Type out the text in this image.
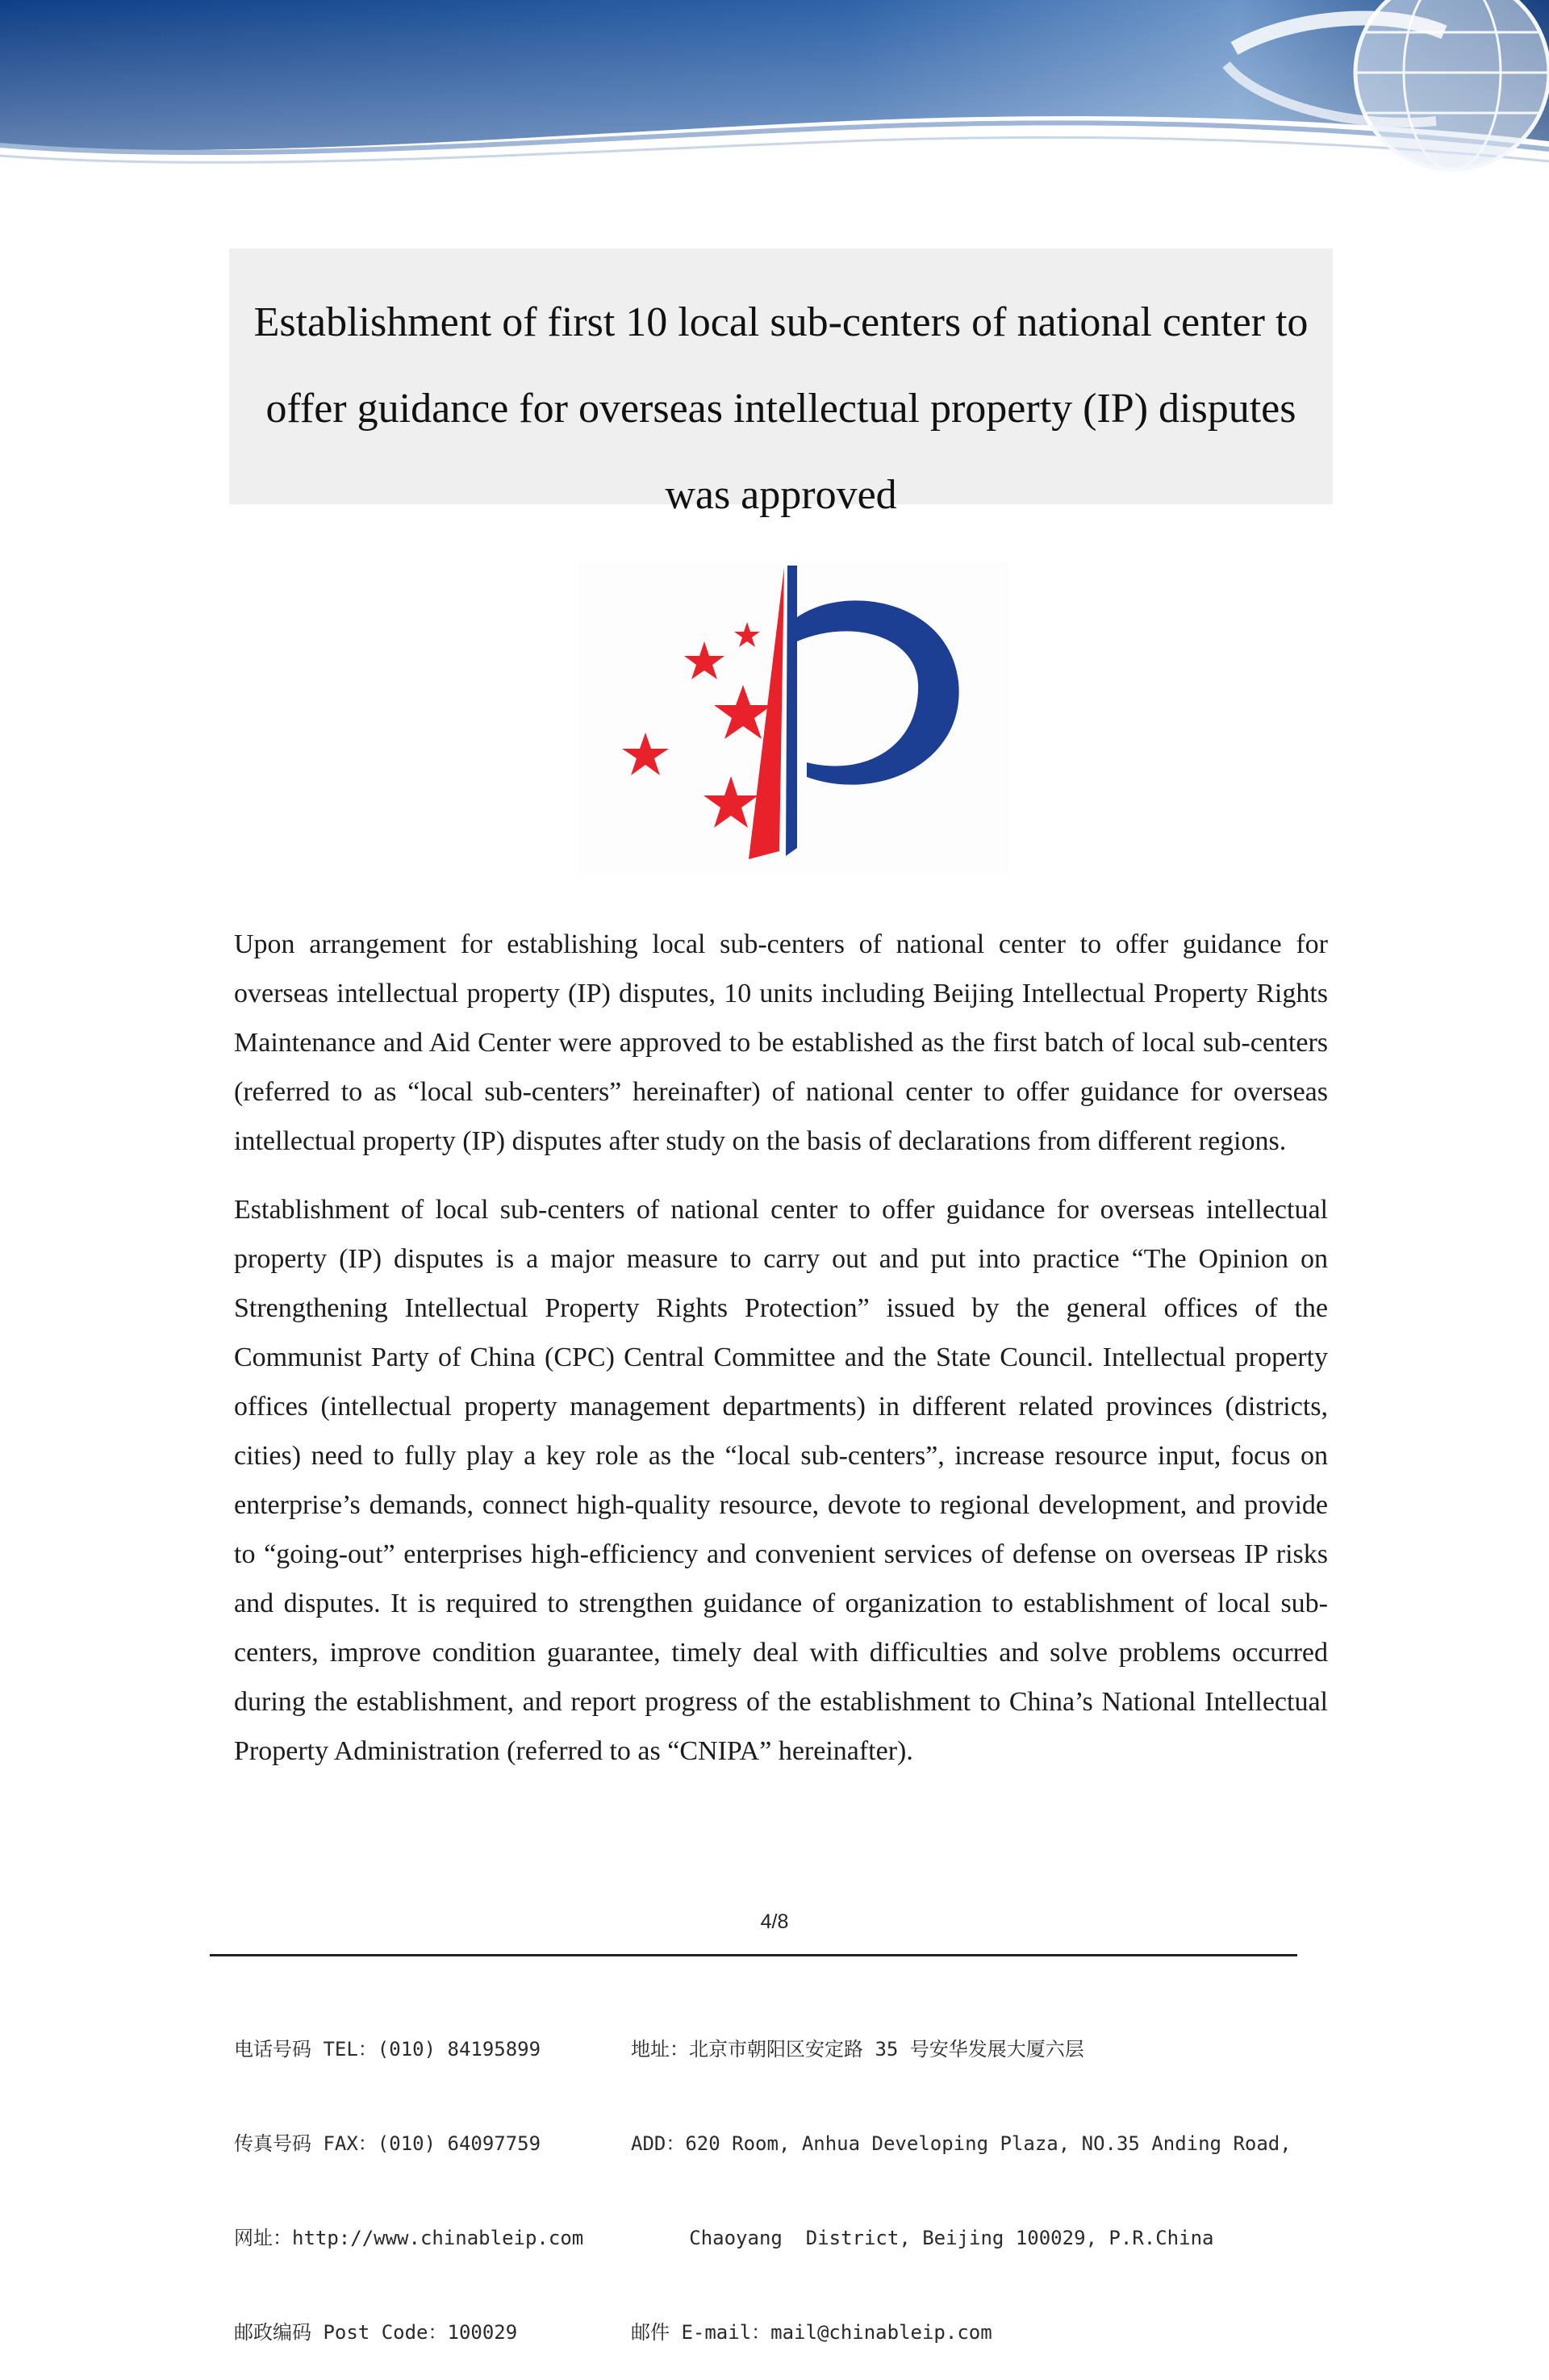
Establishment of first 10 local sub-centers of national center to offer guidance for overseas intellectual property (IP) disputes was approved

Upon arrangement for establishing local sub-centers of national center to offer guidance for overseas intellectual property (IP) disputes, 10 units including Beijing Intellectual Property Rights Maintenance and Aid Center were approved to be established as the first batch of local sub-centers (referred to as “local sub-centers” hereinafter) of national center to offer guidance for overseas intellectual property (IP) disputes after study on the basis of declarations from different regions.

Establishment of local sub-centers of national center to offer guidance for overseas intellectual property (IP) disputes is a major measure to carry out and put into practice “The Opinion on Strengthening Intellectual Property Rights Protection” issued by the general offices of the Communist Party of China (CPC) Central Committee and the State Council. Intellectual property offices (intellectual property management departments) in different related provinces (districts, cities) need to fully play a key role as the “local sub-centers”, increase resource input, focus on enterprise’s demands, connect high-quality resource, devote to regional development, and provide to “going-out” enterprises high-efficiency and convenient services of defense on overseas IP risks and disputes. It is required to strengthen guidance of organization to establishment of local sub-centers, improve condition guarantee, timely deal with difficulties and solve problems occurred during the establishment, and report progress of the establishment to China’s National Intellectual Property Administration (referred to as “CNIPA” hereinafter).

4/8

电话号码 TEL：(010) 84195899

传真号码 FAX：(010) 64097759

网址：http://www.chinableip.com

邮政编码 Post Code：100029

地址：北京市朝阳区安定路 35 号安华发展大厦六层

ADD：620 Room, Anhua Developing Plaza, NO.35 Anding Road,

Chaoyang  District, Beijing 100029, P.R.China

邮件 E-mail：mail@chinableip.com
